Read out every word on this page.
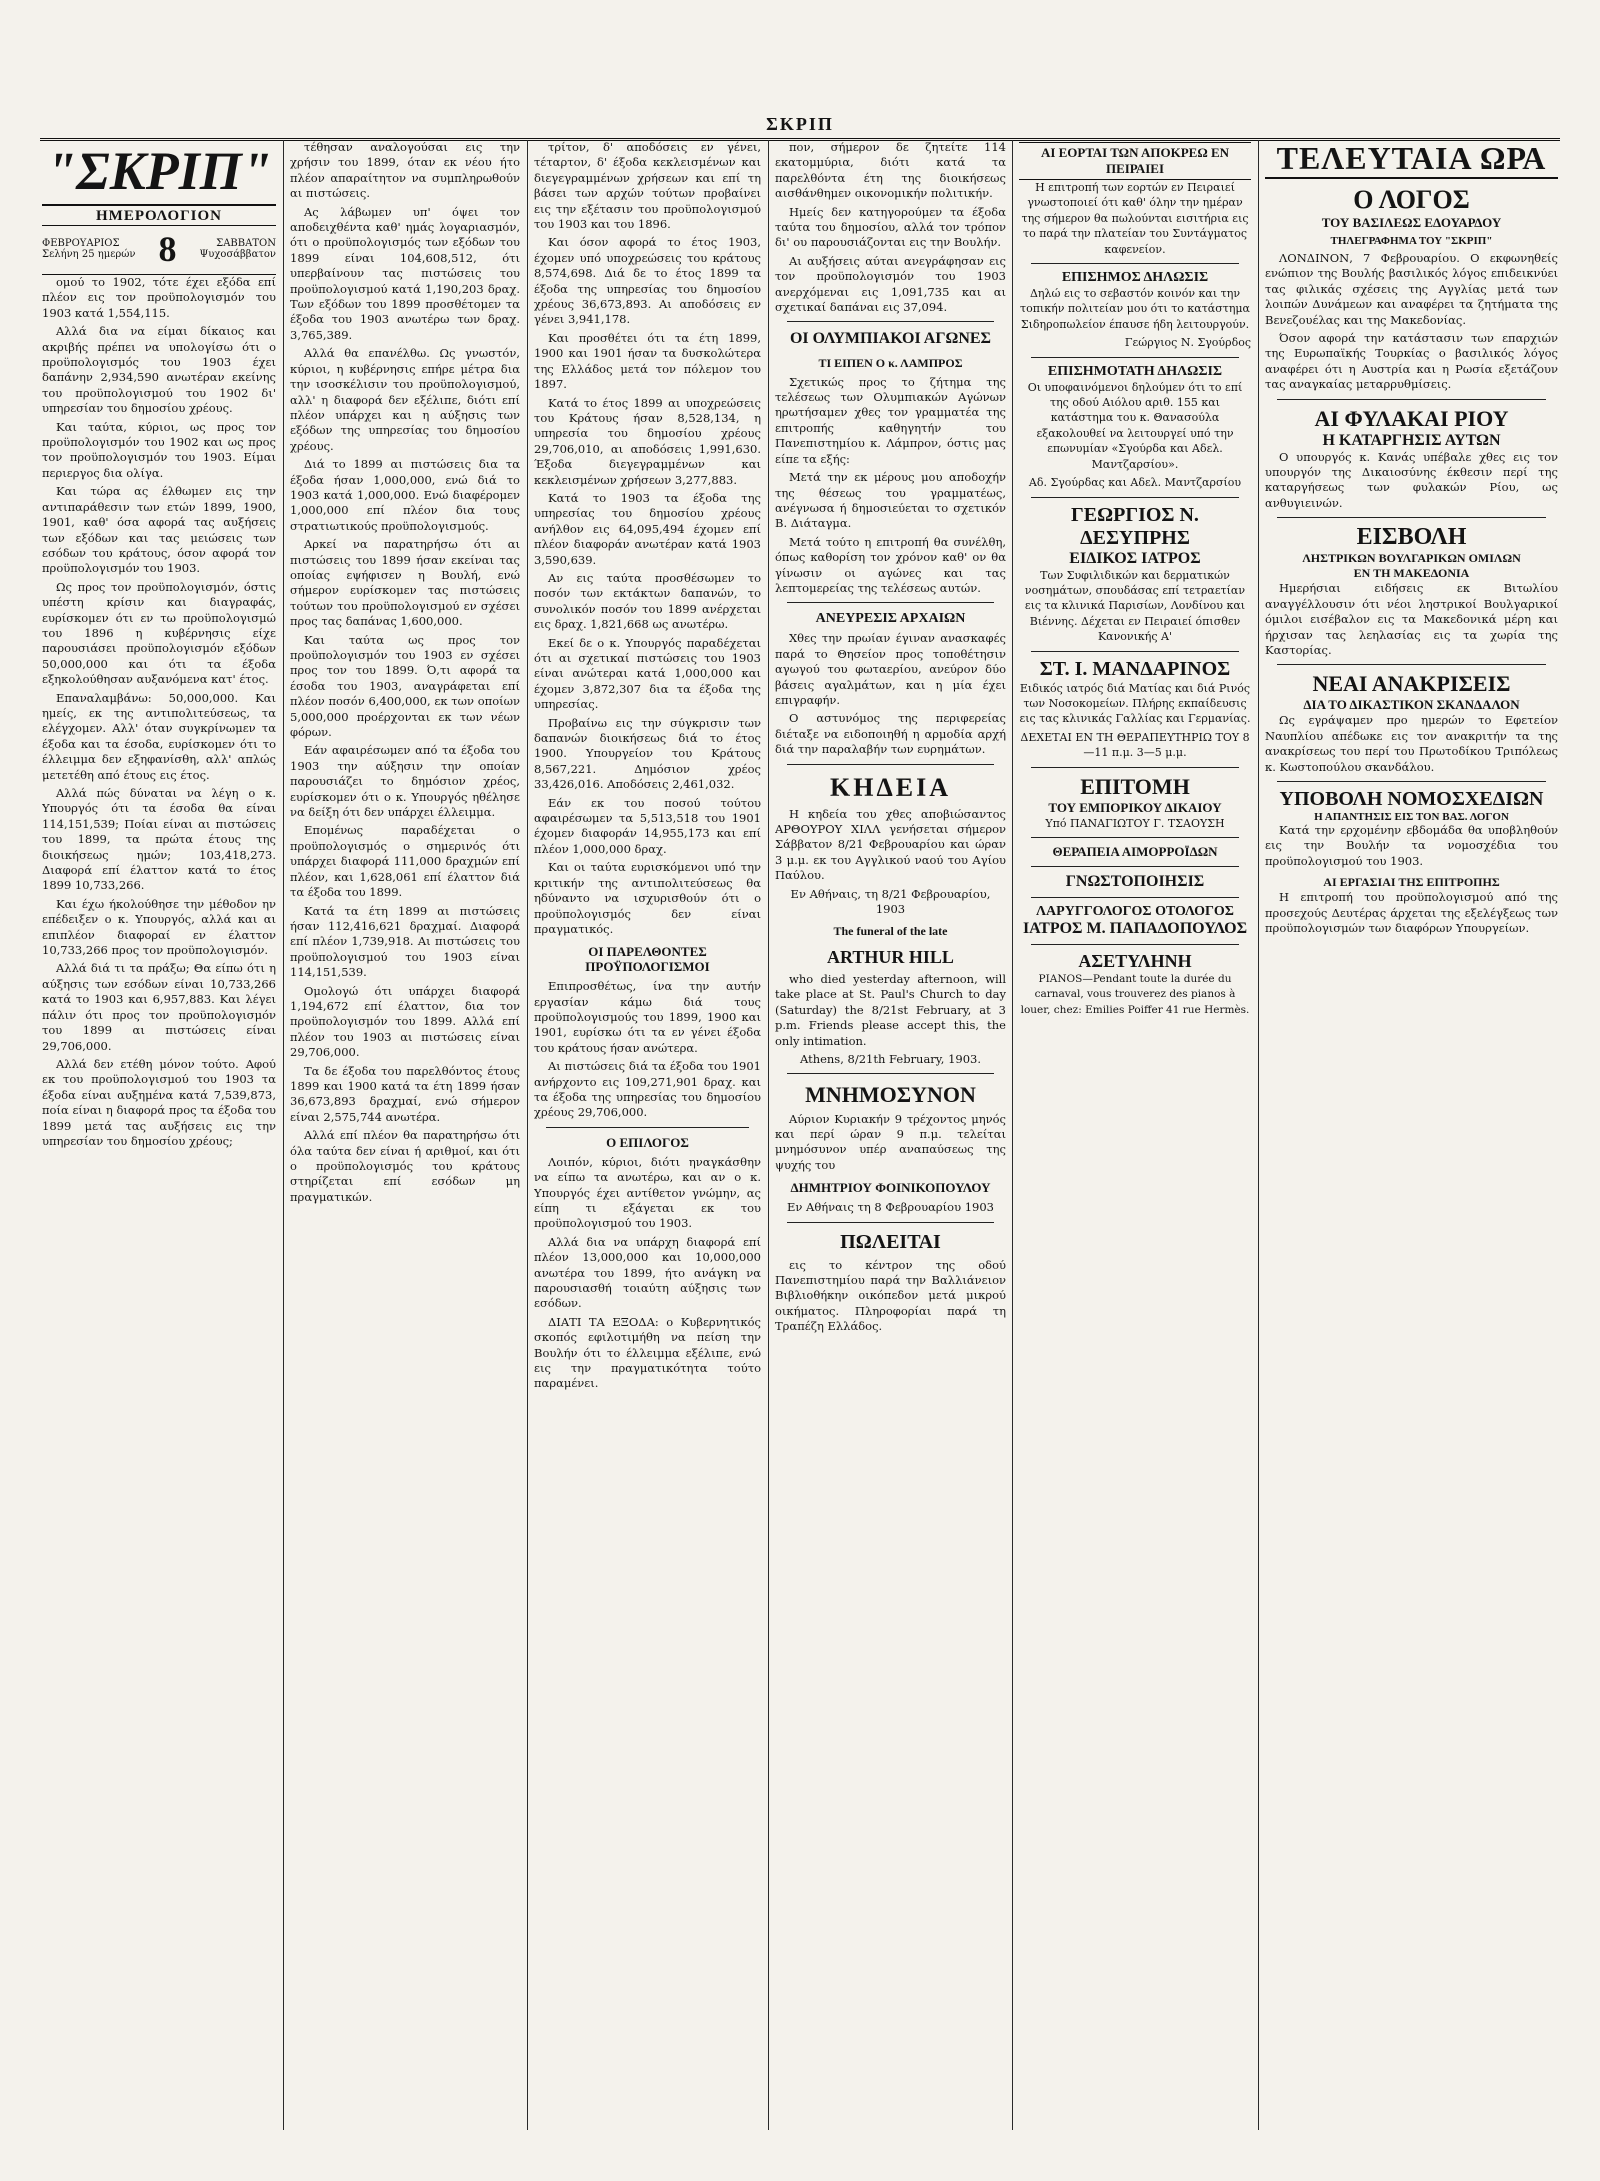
ΣΚΡΙΠ
"ΣΚΡΙΠ"
ΗΜΕΡΟΛΟΓΙΟΝ
ΦΕΒΡΟΥΑΡΙΟΣ
Σελήνη 25 ημερών 8	ΣΑΒΒΑΤΟΝ
Ψυχοσάββατον

ομού το 1902, τότε έχει εξόδα επί πλέον εις τον προϋπολογισμόν του 1903 κατά 1,554,115.

Αλλά δια να είμαι δίκαιος και ακριβής πρέπει να υπολογίσω ότι ο προϋπολογισμός του 1903 έχει δαπάνην 2,934,590 ανωτέραν εκείνης του προϋπολογισμού του 1902 δι' υπηρεσίαν του δημοσίου χρέους.

Και ταύτα, κύριοι, ως προς τον προϋπολογισμόν του 1902 και ως προς τον προϋπολογισμόν του 1903. Είμαι περιεργος δια ολίγα.

Και τώρα ας έλθωμεν εις την αντιπαράθεσιν των ετών 1899, 1900, 1901, καθ' όσα αφορά τας αυξήσεις των εξόδων και τας μειώσεις των εσόδων του κράτους, όσον αφορά τον προϋπολογισμόν του 1903.

Ως προς τον προϋπολογισμόν, όστις υπέστη κρίσιν και διαγραφάς, ευρίσκομεν ότι εν τω προϋπολογισμώ του 1896 η κυβέρνησις είχε παρουσιάσει προϋπολογισμόν εξόδων 50,000,000 και ότι τα έξοδα εξηκολούθησαν αυξανόμενα κατ' έτος.

Επαναλαμβάνω: 50,000,000. Και ημείς, εκ της αντιπολιτεύσεως, τα ελέγχομεν. Αλλ' όταν συγκρίνωμεν τα έξοδα και τα έσοδα, ευρίσκομεν ότι το έλλειμμα δεν εξηφανίσθη, αλλ' απλώς μετετέθη από έτους εις έτος.

Αλλά πώς δύναται να λέγη ο κ. Υπουργός ότι τα έσοδα θα είναι 114,151,539; Ποίαι είναι αι πιστώσεις του 1899, τα πρώτα έτους της διοικήσεως ημών; 103,418,273. Διαφορά επί έλαττον κατά το έτος 1899 10,733,266.

Και έχω ήκολούθησε την μέθοδον ην επέδειξεν ο κ. Υπουργός, αλλά και αι επιπλέον διαφοραί εν έλαττον 10,733,266 προς τον προϋπολογισμόν.

Αλλά διά τι τα πράξω; Θα είπω ότι η αύξησις των εσόδων είναι 10,733,266 κατά το 1903 και 6,957,883. Και λέγει πάλιν ότι προς τον προϋπολογισμόν του 1899 αι πιστώσεις είναι 29,706,000.

Αλλά δεν ετέθη μόνον τούτο. Αφού εκ του προϋπολογισμού του 1903 τα έξοδα είναι αυξημένα κατά 7,539,873, ποία είναι η διαφορά προς τα έξοδα του 1899 μετά τας αυξήσεις εις την υπηρεσίαν του δημοσίου χρέους;

τέθησαν αναλογούσαι εις την χρήσιν του 1899, όταν εκ νέου ήτο πλέον απαραίτητον να συμπληρωθούν αι πιστώσεις.

Ας λάβωμεν υπ' όψει τον αποδειχθέντα καθ' ημάς λογαριασμόν, ότι ο προϋπολογισμός των εξόδων του 1899 είναι 104,608,512, ότι υπερβαίνουν τας πιστώσεις του προϋπολογισμού κατά 1,190,203 δραχ. Των εξόδων του 1899 προσθέτομεν τα έξοδα του 1903 ανωτέρω των δραχ. 3,765,389.

Αλλά θα επανέλθω. Ως γνωστόν, κύριοι, η κυβέρνησις επήρε μέτρα δια την ισοσκέλισιν του προϋπολογισμού, αλλ' η διαφορά δεν εξέλιπε, διότι επί πλέον υπάρχει και η αύξησις των εξόδων της υπηρεσίας του δημοσίου χρέους.

Διά το 1899 αι πιστώσεις δια τα έξοδα ήσαν 1,000,000, ενώ διά το 1903 κατά 1,000,000. Ενώ διαφέρομεν 1,000,000 επί πλέον δια τους στρατιωτικούς προϋπολογισμούς.

Αρκεί να παρατηρήσω ότι αι πιστώσεις του 1899 ήσαν εκείναι τας οποίας εψήφισεν η Βουλή, ενώ σήμερον ευρίσκομεν τας πιστώσεις τούτων του προϋπολογισμού εν σχέσει προς τας δαπάνας 1,600,000.

Και ταύτα ως προς τον προϋπολογισμόν του 1903 εν σχέσει προς τον του 1899. Ό,τι αφορά τα έσοδα του 1903, αναγράφεται επί πλέον ποσόν 6,400,000, εκ των οποίων 5,000,000 προέρχονται εκ των νέων φόρων.

Εάν αφαιρέσωμεν από τα έξοδα του 1903 την αύξησιν την οποίαν παρουσιάζει το δημόσιον χρέος, ευρίσκομεν ότι ο κ. Υπουργός ηθέλησε να δείξη ότι δεν υπάρχει έλλειμμα.

Επομένως παραδέχεται ο προϋπολογισμός ο σημερινός ότι υπάρχει διαφορά 111,000 δραχμών επί πλέον, και 1,628,061 επί έλαττον διά τα έξοδα του 1899.

Κατά τα έτη 1899 αι πιστώσεις ήσαν 112,416,621 δραχμαί. Διαφορά επί πλέον 1,739,918. Αι πιστώσεις του προϋπολογισμού του 1903 είναι 114,151,539.

Ομολογώ ότι υπάρχει διαφορά 1,194,672 επί έλαττον, δια τον προϋπολογισμόν του 1899. Αλλά επί πλέον του 1903 αι πιστώσεις είναι 29,706,000.

Τα δε έξοδα του παρελθόντος έτους 1899 και 1900 κατά τα έτη 1899 ήσαν 36,673,893 δραχμαί, ενώ σήμερον είναι 2,575,744 ανωτέρα.

Αλλά επί πλέον θα παρατηρήσω ότι όλα ταύτα δεν είναι ή αριθμοί, και ότι ο προϋπολογισμός του κράτους στηρίζεται επί εσόδων μη πραγματικών.

τρίτον, δ' αποδόσεις εν γένει, τέταρτον, δ' έξοδα κεκλεισμένων και διεγεγραμμένων χρήσεων και επί τη βάσει των αρχών τούτων προβαίνει εις την εξέτασιν του προϋπολογισμού του 1903 και του 1896.

Και όσον αφορά το έτος 1903, έχομεν υπό υποχρεώσεις του κράτους 8,574,698. Διά δε το έτος 1899 τα έξοδα της υπηρεσίας του δημοσίου χρέους 36,673,893. Αι αποδόσεις εν γένει 3,941,178.

Και προσθέτει ότι τα έτη 1899, 1900 και 1901 ήσαν τα δυσκολώτερα της Ελλάδος μετά τον πόλεμον του 1897.

Κατά το έτος 1899 αι υποχρεώσεις του Κράτους ήσαν 8,528,134, η υπηρεσία του δημοσίου χρέους 29,706,010, αι αποδόσεις 1,991,630. Έξοδα διεγεγραμμένων και κεκλεισμένων χρήσεων 3,277,883.

Κατά το 1903 τα έξοδα της υπηρεσίας του δημοσίου χρέους ανήλθον εις 64,095,494 έχομεν επί πλέον διαφοράν ανωτέραν κατά 1903 3,590,639.

Αν εις ταύτα προσθέσωμεν το ποσόν των εκτάκτων δαπανών, το συνολικόν ποσόν του 1899 ανέρχεται εις δραχ. 1,821,668 ως ανωτέρω.

Εκεί δε ο κ. Υπουργός παραδέχεται ότι αι σχετικαί πιστώσεις του 1903 είναι ανώτεραι κατά 1,000,000 και έχομεν 3,872,307 δια τα έξοδα της υπηρεσίας.

Προβαίνω εις την σύγκρισιν των δαπανών διοικήσεως διά το έτος 1900. Υπουργείον του Κράτους 8,567,221. Δημόσιον χρέος 33,426,016. Αποδόσεις 2,461,032.

Εάν εκ του ποσού τούτου αφαιρέσωμεν τα 5,513,518 του 1901 έχομεν διαφοράν 14,955,173 και επί πλέον 1,000,000 δραχ.

Και οι ταύτα ευρισκόμενοι υπό την κριτικήν της αντιπολιτεύσεως θα ηδύναντο να ισχυρισθούν ότι ο προϋπολογισμός δεν είναι πραγματικός.

ΟΙ ΠΑΡΕΛΘΟΝΤΕΣ ΠΡΟΫΠΟΛΟΓΙΣΜΟΙ

Επιπροσθέτως, ίνα την αυτήν εργασίαν κάμω διά τους προϋπολογισμούς του 1899, 1900 και 1901, ευρίσκω ότι τα εν γένει έξοδα του κράτους ήσαν ανώτερα.

Αι πιστώσεις διά τα έξοδα του 1901 ανήρχοντο εις 109,271,901 δραχ. και τα έξοδα της υπηρεσίας του δημοσίου χρέους 29,706,000.

Ο ΕΠΙΛΟΓΟΣ

Λοιπόν, κύριοι, διότι ηναγκάσθην να είπω τα ανωτέρω, και αν ο κ. Υπουργός έχει αντίθετον γνώμην, ας είπη τι εξάγεται εκ του προϋπολογισμού του 1903.

Αλλά δια να υπάρχη διαφορά επί πλέον 13,000,000 και 10,000,000 ανωτέρα του 1899, ήτο ανάγκη να παρουσιασθή τοιαύτη αύξησις των εσόδων.

ΔΙΑΤΙ ΤΑ ΕΞΟΔΑ: ο Κυβερνητικός σκοπός εφιλοτιμήθη να πείση την Βουλήν ότι το έλλειμμα εξέλιπε, ενώ εις την πραγματικότητα τούτο παραμένει.

πον, σήμερον δε ζητείτε 114 εκατομμύρια, διότι κατά τα παρελθόντα έτη της διοικήσεως αισθάνθημεν οικονομικήν πολιτικήν.

Ημείς δεν κατηγορούμεν τα έξοδα ταύτα του δημοσίου, αλλά τον τρόπον δι' ου παρουσιάζονται εις την Βουλήν.

Αι αυξήσεις αύται ανεγράφησαν εις τον προϋπολογισμόν του 1903 ανερχόμεναι εις 1,091,735 και αι σχετικαί δαπάναι εις 37,094.

ΟΙ ΟΛΥΜΠΙΑΚΟΙ ΑΓΩΝΕΣ
ΤΙ ΕΙΠΕΝ Ο κ. ΛΑΜΠΡΟΣ

Σχετικώς προς το ζήτημα της τελέσεως των Ολυμπιακών Αγώνων ηρωτήσαμεν χθες τον γραμματέα της επιτροπής καθηγητήν του Πανεπιστημίου κ. Λάμπρον, όστις μας είπε τα εξής:

Μετά την εκ μέρους μου αποδοχήν της θέσεως του γραμματέως, ανέγνωσα ή δημοσιεύεται το σχετικόν Β. Διάταγμα.

Μετά τούτο η επιτροπή θα συνέλθη, όπως καθορίση τον χρόνον καθ' ον θα γίνωσιν οι αγώνες και τας λεπτομερείας της τελέσεως αυτών.

ΑΝΕΥΡΕΣΙΣ ΑΡΧΑΙΩΝ

Χθες την πρωίαν έγιναν ανασκαφές παρά το Θησείον προς τοποθέτησιν αγωγού του φωταερίου, ανεύρον δύο βάσεις αγαλμάτων, και η μία έχει επιγραφήν.

Ο αστυνόμος της περιφερείας διέταξε να ειδοποιηθή η αρμοδία αρχή διά την παραλαβήν των ευρημάτων.

ΚΗΔΕΙΑ

Η κηδεία του χθες αποβιώσαντος ΑΡΘΟΥΡΟΥ ΧΙΛΛ γενήσεται σήμερον Σάββατον 8/21 Φεβρουαρίου και ώραν 3 μ.μ. εκ του Αγγλικού ναού του Αγίου Παύλου.

Εν Αθήναις, τη 8/21 Φεβρουαρίου, 1903

The funeral of the late
ARTHUR HILL

who died yesterday afternoon, will take place at St. Paul's Church to day (Saturday) the 8/21st February, at 3 p.m. Friends please accept this, the only intimation.

Athens, 8/21th February, 1903.

ΜΝΗΜΟΣΥΝΟΝ

Αύριον Κυριακήν 9 τρέχοντος μηνός και περί ώραν 9 π.μ. τελείται μνημόσυνον υπέρ αναπαύσεως της ψυχής του

ΔΗΜΗΤΡΙΟΥ ΦΟΙΝΙΚΟΠΟΥΛΟΥ

Εν Αθήναις τη 8 Φεβρουαρίου 1903

ΠΩΛΕΙΤΑΙ

εις το κέντρον της οδού Πανεπιστημίου παρά την Βαλλιάνειον Βιβλιοθήκην οικόπεδον μετά μικρού οικήματος. Πληροφορίαι παρά τη Τραπέζη Ελλάδος.

ΑΙ ΕΟΡΤΑΙ ΤΩΝ ΑΠΟΚΡΕΩ ΕΝ ΠΕΙΡΑΙΕΙ

Η επιτροπή των εορτών εν Πειραιεί γνωστοποιεί ότι καθ' όλην την ημέραν της σήμερον θα πωλούνται εισιτήρια εις το παρά την πλατείαν του Συντάγματος καφενείον.

ΕΠΙΣΗΜΟΣ ΔΗΛΩΣΙΣ

Δηλώ εις το σεβαστόν κοινόν και την τοπικήν πολιτείαν μου ότι το κατάστημα Σιδηροπωλείον έπαυσε ήδη λειτουργούν.

Γεώργιος Ν. Σγούρδος

ΕΠΙΣΗΜΟΤΑΤΗ ΔΗΛΩΣΙΣ

Οι υποφαινόμενοι δηλούμεν ότι το επί της οδού Αιόλου αριθ. 155 και κατάστημα του κ. Θανασούλα εξακολουθεί να λειτουργεί υπό την επωνυμίαν «Σγούρδα και Αδελ. Μαντζαρσίου».

Αδ. Σγούρδας και Αδελ. Μαντζαρσίου

ΓΕΩΡΓΙΟΣ Ν. ΔΕΣΥΠΡΗΣ
ΕΙΔΙΚΟΣ ΙΑΤΡΟΣ

Των Συφιλιδικών και δερματικών νοσημάτων, σπουδάσας επί τετραετίαν εις τα κλινικά Παρισίων, Λονδίνου και Βιέννης. Δέχεται εν Πειραιεί όπισθεν Κανονικής Α'

ΣΤ. Ι. ΜΑΝΔΑΡΙΝΟΣ

Ειδικός ιατρός διά Ματίας και διά Ρινός των Νοσοκομείων. Πλήρης εκπαίδευσις εις τας κλινικάς Γαλλίας και Γερμανίας.

ΔΕΧΕΤΑΙ ΕΝ ΤΗ ΘΕΡΑΠΕΥΤΗΡΙΩ ΤΟΥ 8—11 π.μ. 3—5 μ.μ.

ΕΠΙΤΟΜΗ
ΤΟΥ ΕΜΠΟΡΙΚΟΥ ΔΙΚΑΙΟΥ

Υπό ΠΑΝΑΓΙΩΤΟΥ Γ. ΤΣΑΟΥΣΗ

ΘΕΡΑΠΕΙΑ ΑΙΜΟΡΡΟΪΔΩΝ
ΓΝΩΣΤΟΠΟΙΗΣΙΣ
ΛΑΡΥΓΓΟΛΟΓΟΣ ΟΤΟΛΟΓΟΣ
ΙΑΤΡΟΣ Μ. ΠΑΠΑΔΟΠΟΥΛΟΣ
ΑΣΕΤΥΛΗΝΗ

PIANOS—Pendant toute la durée du carnaval, vous trouverez des pianos à louer, chez: Emilies Poiffer 41 rue Hermès.

ΤΕΛΕΥΤΑΙΑ ΩΡΑ
Ο ΛΟΓΟΣ
ΤΟΥ ΒΑΣΙΛΕΩΣ ΕΔΟΥΑΡΔΟΥ
ΤΗΛΕΓΡΑΦΗΜΑ ΤΟΥ "ΣΚΡΙΠ"

ΛΟΝΔΙΝΟΝ, 7 Φεβρουαρίου. Ο εκφωνηθείς ενώπιον της Βουλής βασιλικός λόγος επιδεικνύει τας φιλικάς σχέσεις της Αγγλίας μετά των λοιπών Δυνάμεων και αναφέρει τα ζητήματα της Βενεζουέλας και της Μακεδονίας.

Όσον αφορά την κατάστασιν των επαρχιών της Ευρωπαϊκής Τουρκίας ο βασιλικός λόγος αναφέρει ότι η Αυστρία και η Ρωσία εξετάζουν τας αναγκαίας μεταρρυθμίσεις.

ΑΙ ΦΥΛΑΚΑΙ ΡΙΟΥ
Η ΚΑΤΑΡΓΗΣΙΣ ΑΥΤΩΝ

Ο υπουργός κ. Κανάς υπέβαλε χθες εις τον υπουργόν της Δικαιοσύνης έκθεσιν περί της καταργήσεως των φυλακών Ρίου, ως ανθυγιεινών.

ΕΙΣΒΟΛΗ
ΛΗΣΤΡΙΚΩΝ ΒΟΥΛΓΑΡΙΚΩΝ ΟΜΙΛΩΝ
ΕΝ ΤΗ ΜΑΚΕΔΟΝΙΑ

Ημερήσιαι ειδήσεις εκ Βιτωλίου αναγγέλλουσιν ότι νέοι ληστρικοί Βουλγαρικοί όμιλοι εισέβαλον εις τα Μακεδονικά μέρη και ήρχισαν τας λεηλασίας εις τα χωρία της Καστορίας.

ΝΕΑΙ ΑΝΑΚΡΙΣΕΙΣ
ΔΙΑ ΤΟ ΔΙΚΑΣΤΙΚΟΝ ΣΚΑΝΔΑΛΟΝ

Ως εγράψαμεν προ ημερών το Εφετείον Ναυπλίου απέδωκε εις τον ανακριτήν τα της ανακρίσεως του περί του Πρωτοδίκου Τριπόλεως κ. Κωστοπούλου σκανδάλου.

ΥΠΟΒΟΛΗ ΝΟΜΟΣΧΕΔΙΩΝ
Η ΑΠΑΝΤΗΣΙΣ ΕΙΣ ΤΟΝ ΒΑΣ. ΛΟΓΟΝ

Κατά την ερχομένην εβδομάδα θα υποβληθούν εις την Βουλήν τα νομοσχέδια του προϋπολογισμού του 1903.

ΑΙ ΕΡΓΑΣΙΑΙ ΤΗΣ ΕΠΙΤΡΟΠΗΣ

Η επιτροπή του προϋπολογισμού από της προσεχούς Δευτέρας άρχεται της εξελέγξεως των προϋπολογισμών των διαφόρων Υπουργείων.
